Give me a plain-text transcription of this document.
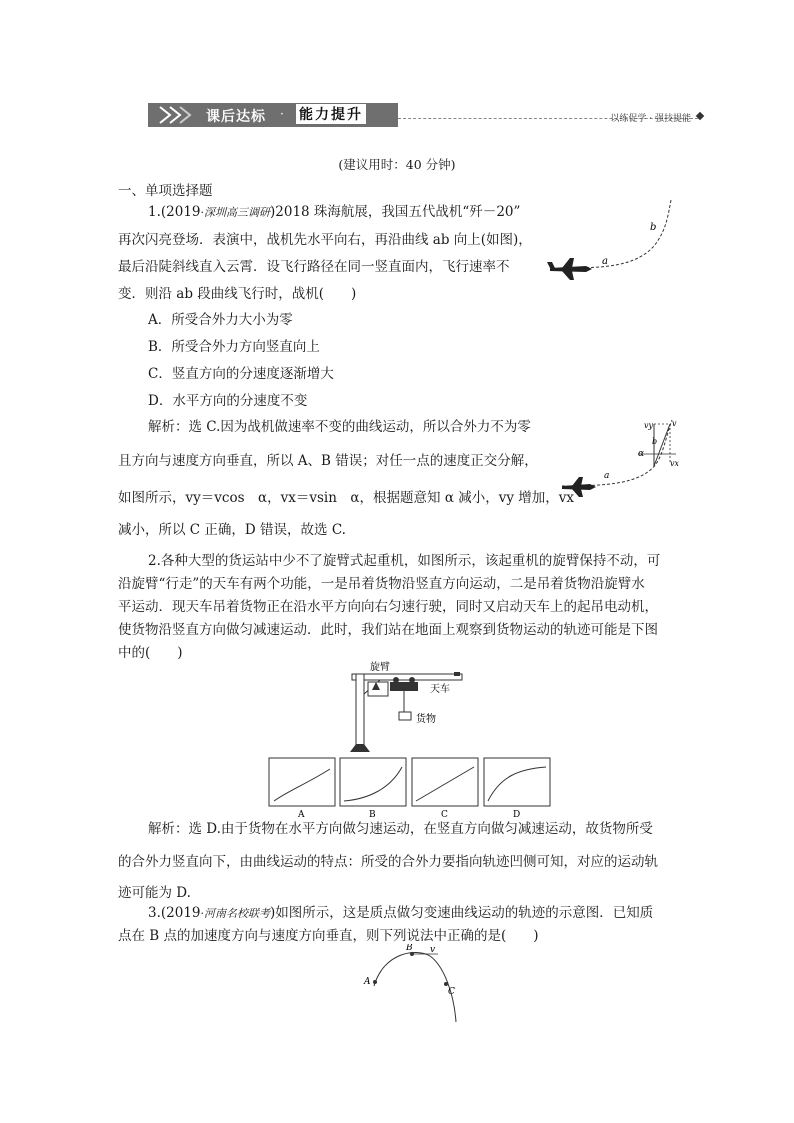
课后达标 · 能力提升	以练促学 · 强技提能
(建议用时：40 分钟)
一、单项选择题
1.(2019·深圳高三调研)2018 珠海航展，我国五代战机“歼－20”
再次闪亮登场．表演中，战机先水平向右，再沿曲线 ab 向上(如图)，
最后沿陡斜线直入云霄．设飞行路径在同一竖直面内，飞行速率不
变．则沿 ab 段曲线飞行时，战机(　　)
A．所受合外力大小为零
B．所受合外力方向竖直向上
C．竖直方向的分速度逐渐增大
D．水平方向的分速度不变
a
b
解析：选 C.因为战机做速率不变的曲线运动，所以合外力不为零
且方向与速度方向垂直，所以 A、B 错误；对任一点的速度正交分解，
如图所示，vy＝vcos　α，vx＝vsin　α，根据题意知 α 减小，vy 增加，vx
减小，所以 C 正确，D 错误，故选 C.
vy v
vx
α
b
a
2.各种大型的货运站中少不了旋臂式起重机，如图所示，该起重机的旋臂保持不动，可
沿旋臂“行走”的天车有两个功能，一是吊着货物沿竖直方向运动，二是吊着货物沿旋臂水
平运动．现天车吊着货物正在沿水平方向向右匀速行驶，同时又启动天车上的起吊电动机，
使货物沿竖直方向做匀减速运动．此时，我们站在地面上观察到货物运动的轨迹可能是下图
中的(　　)
旋臂
天车
货物
A	B	C	D
解析：选 D.由于货物在水平方向做匀速运动，在竖直方向做匀减速运动，故货物所受
的合外力竖直向下，由曲线运动的特点：所受的合外力要指向轨迹凹侧可知，对应的运动轨
迹可能为 D.
3.(2019·河南名校联考)如图所示，这是质点做匀变速曲线运动的轨迹的示意图．已知质
点在 B 点的加速度方向与速度方向垂直，则下列说法中正确的是(　　)
A
B v
C
